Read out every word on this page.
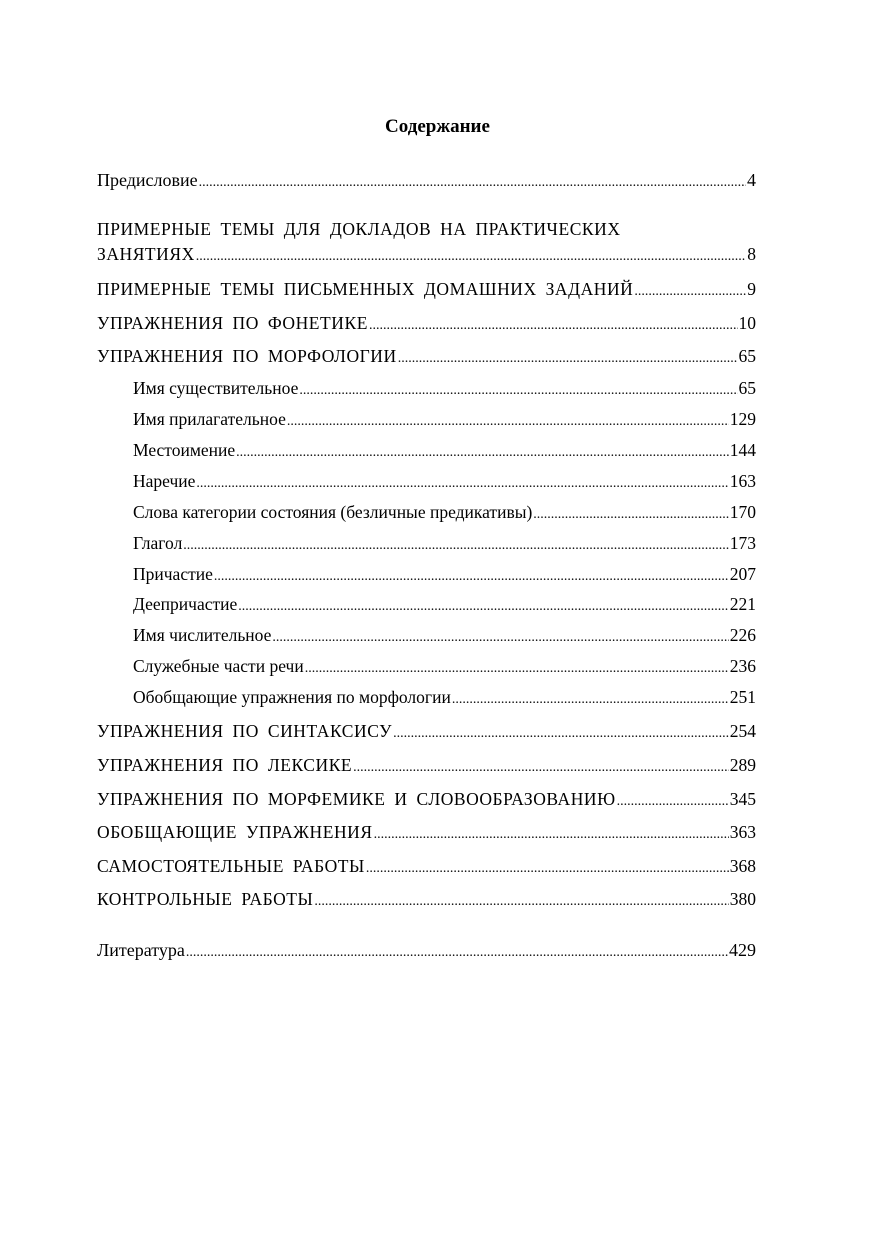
Содержание
Предисловие .....	4
ПРИМЕРНЫЕ ТЕМЫ ДЛЯ ДОКЛАДОВ НА ПРАКТИЧЕСКИХ
ЗАНЯТИЯХ .....	8
ПРИМЕРНЫЕ ТЕМЫ ПИСЬМЕННЫХ ДОМАШНИХ ЗАДАНИЙ .....	9
УПРАЖНЕНИЯ ПО ФОНЕТИКЕ .....	10
УПРАЖНЕНИЯ ПО МОРФОЛОГИИ .....	65
Имя существительное .....	65
Имя прилагательное .....	129
Местоимение .....	144
Наречие .....	163
Слова категории состояния (безличные предикативы) .....	170
Глагол .....	173
Причастие .....	207
Деепричастие .....	221
Имя числительное .....	226
Служебные части речи .....	236
Обобщающие упражнения по морфологии .....	251
УПРАЖНЕНИЯ ПО СИНТАКСИСУ .....	254
УПРАЖНЕНИЯ ПО ЛЕКСИКЕ .....	289
УПРАЖНЕНИЯ ПО МОРФЕМИКЕ И СЛОВООБРАЗОВАНИЮ .....	345
ОБОБЩАЮЩИЕ УПРАЖНЕНИЯ .....	363
САМОСТОЯТЕЛЬНЫЕ РАБОТЫ .....	368
КОНТРОЛЬНЫЕ РАБОТЫ .....	380
Литература .....	429
